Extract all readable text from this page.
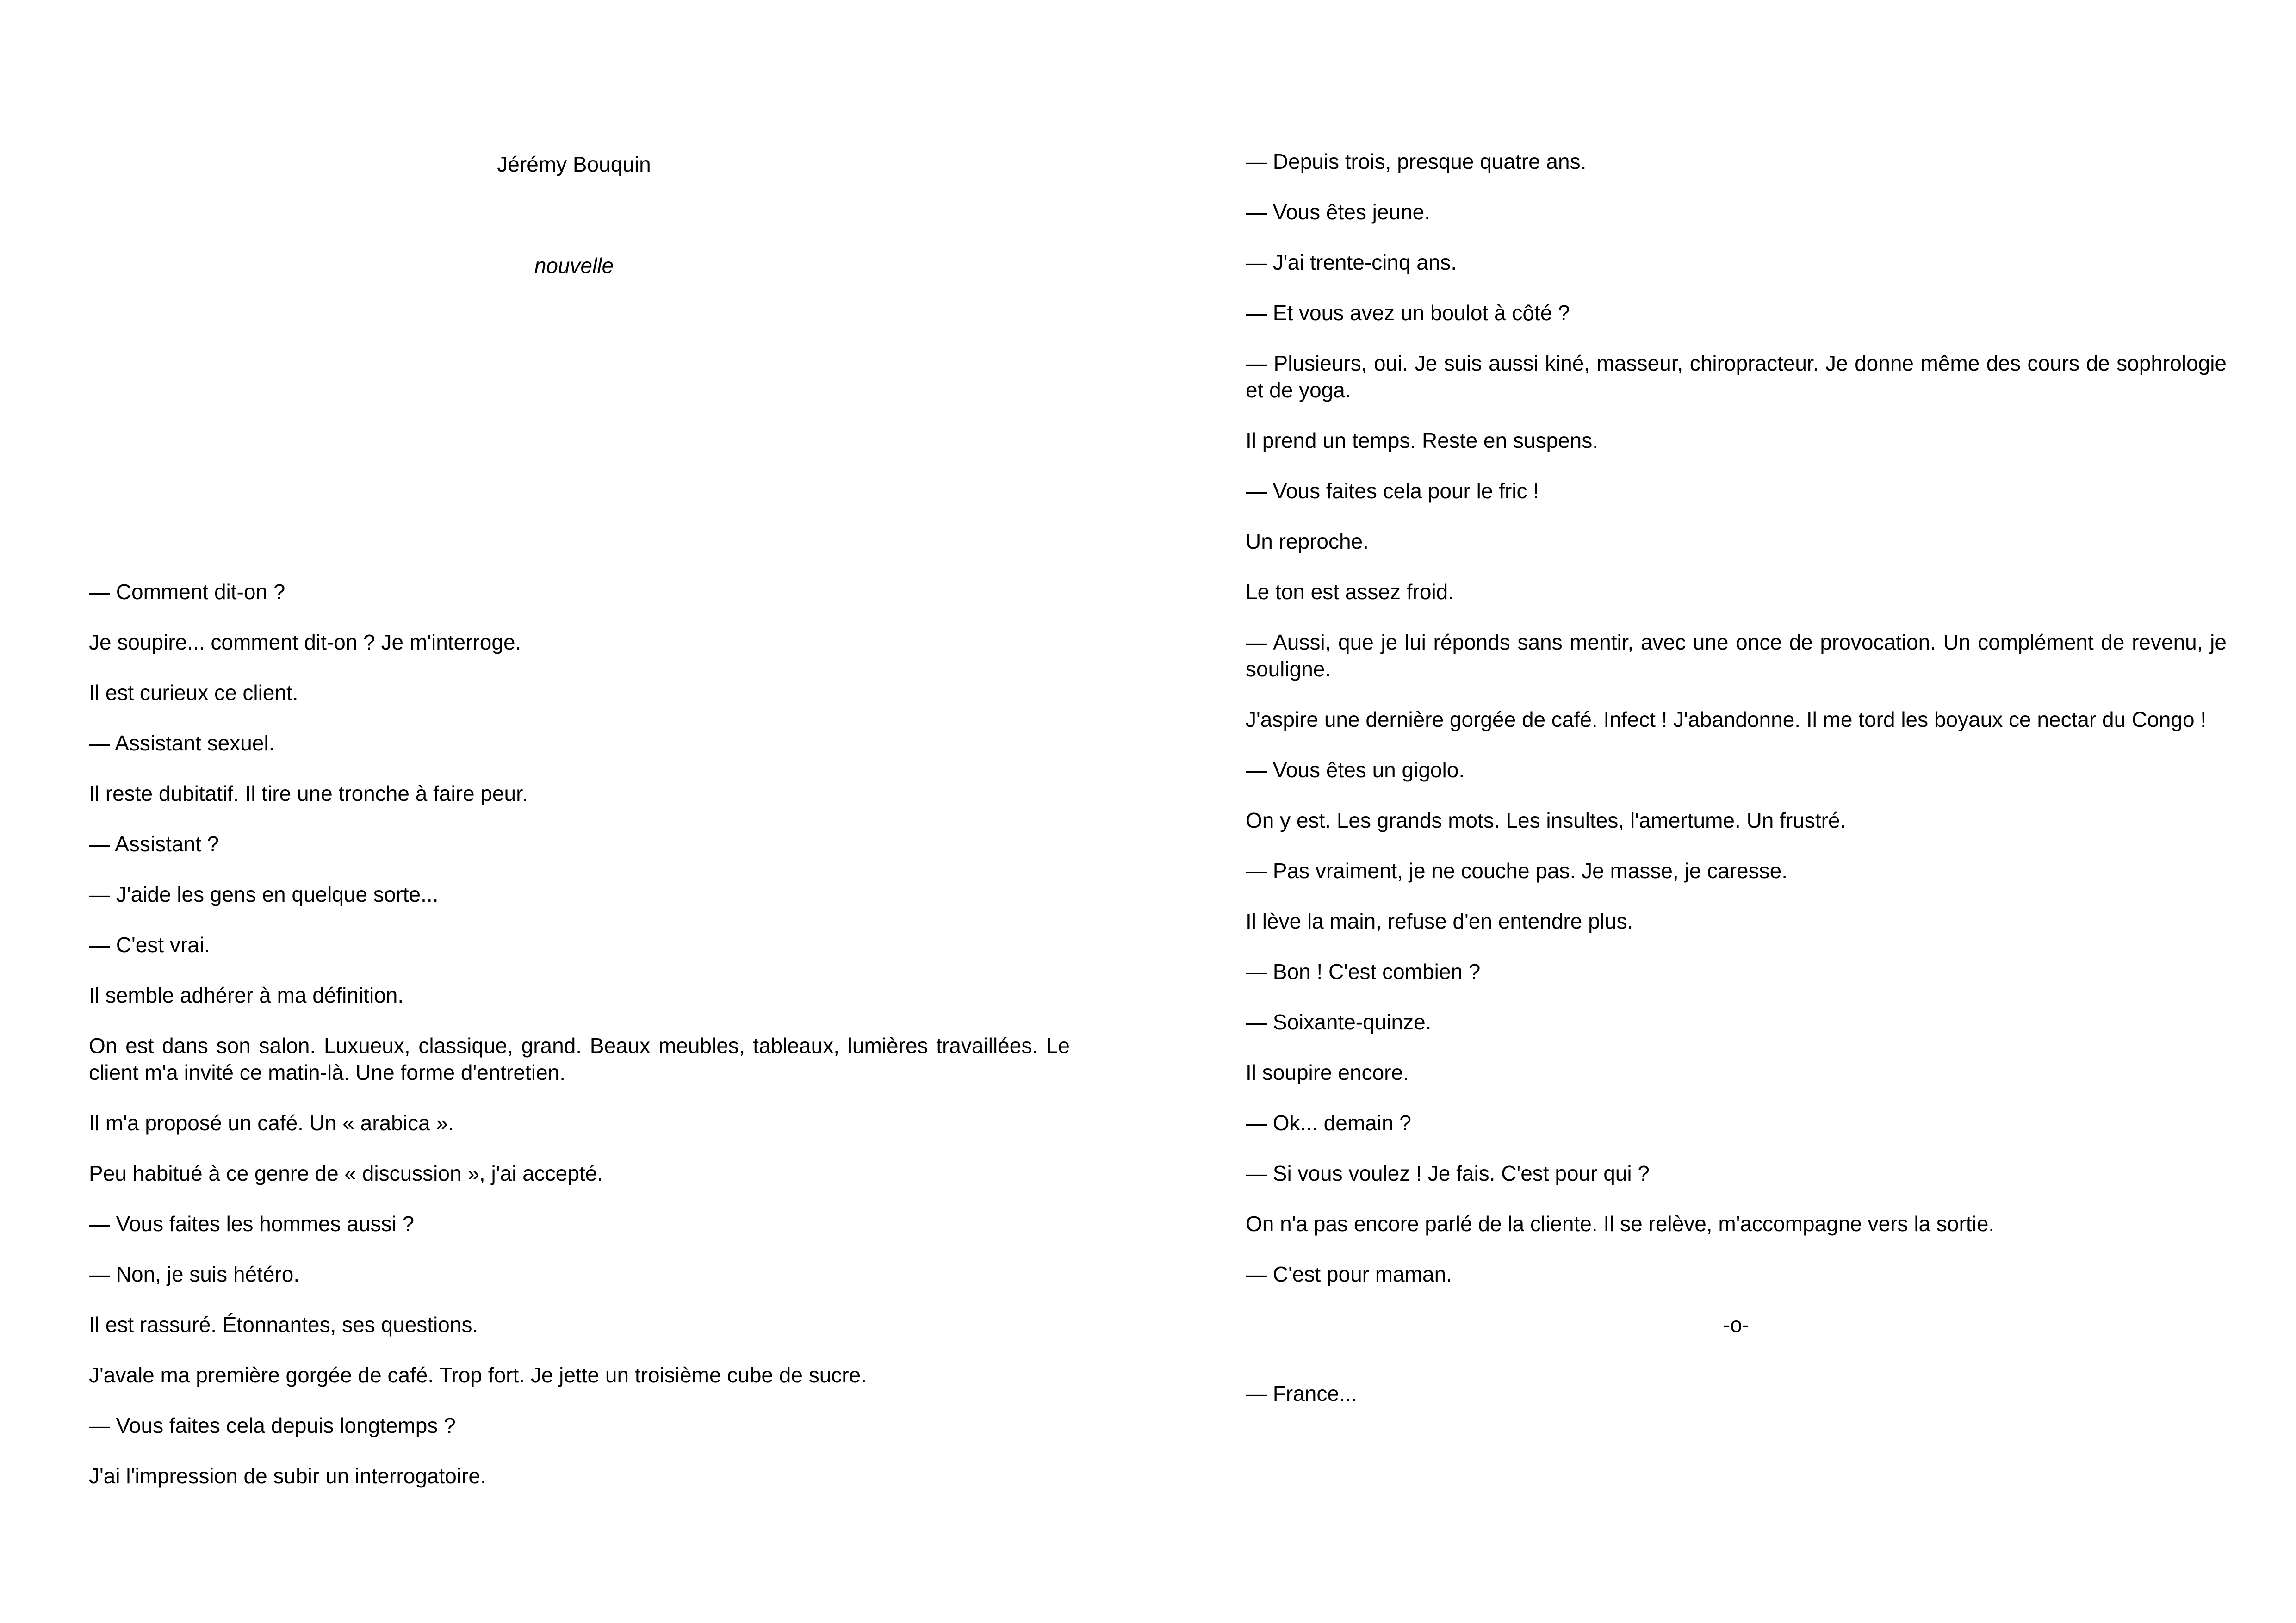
Jérémy Bouquin
nouvelle

— Comment dit-on ?

Je soupire... comment dit-on ? Je m'interroge.

Il est curieux ce client.

— Assistant sexuel.

Il reste dubitatif. Il tire une tronche à faire peur.

— Assistant ?

— J'aide les gens en quelque sorte...

— C'est vrai.

Il semble adhérer à ma définition.

On est dans son salon. Luxueux, classique, grand. Beaux meubles, tableaux, lumières travaillées. Le client m'a invité ce matin-là. Une forme d'entretien.

Il m'a proposé un café. Un « arabica ».

Peu habitué à ce genre de « discussion », j'ai accepté.

— Vous faites les hommes aussi ?

— Non, je suis hétéro.

Il est rassuré. Étonnantes, ses questions.

J'avale ma première gorgée de café. Trop fort. Je jette un troisième cube de sucre.

— Vous faites cela depuis longtemps ?

J'ai l'impression de subir un interrogatoire.

— Depuis trois, presque quatre ans.

— Vous êtes jeune.

— J'ai trente-cinq ans.

— Et vous avez un boulot à côté ?

— Plusieurs, oui. Je suis aussi kiné, masseur, chiropracteur. Je donne même des cours de sophrologie et de yoga.

Il prend un temps. Reste en suspens.

— Vous faites cela pour le fric !

Un reproche.

Le ton est assez froid.

— Aussi, que je lui réponds sans mentir, avec une once de provocation. Un complément de revenu, je souligne.

J'aspire une dernière gorgée de café. Infect ! J'abandonne. Il me tord les boyaux ce nectar du Congo !

— Vous êtes un gigolo.

On y est. Les grands mots. Les insultes, l'amertume. Un frustré.

— Pas vraiment, je ne couche pas. Je masse, je caresse.

Il lève la main, refuse d'en entendre plus.

— Bon ! C'est combien ?

— Soixante-quinze.

Il soupire encore.

— Ok... demain ?

— Si vous voulez ! Je fais. C'est pour qui ?

On n'a pas encore parlé de la cliente. Il se relève, m'accompagne vers la sortie.

— C'est pour maman.

-o-

— France...
